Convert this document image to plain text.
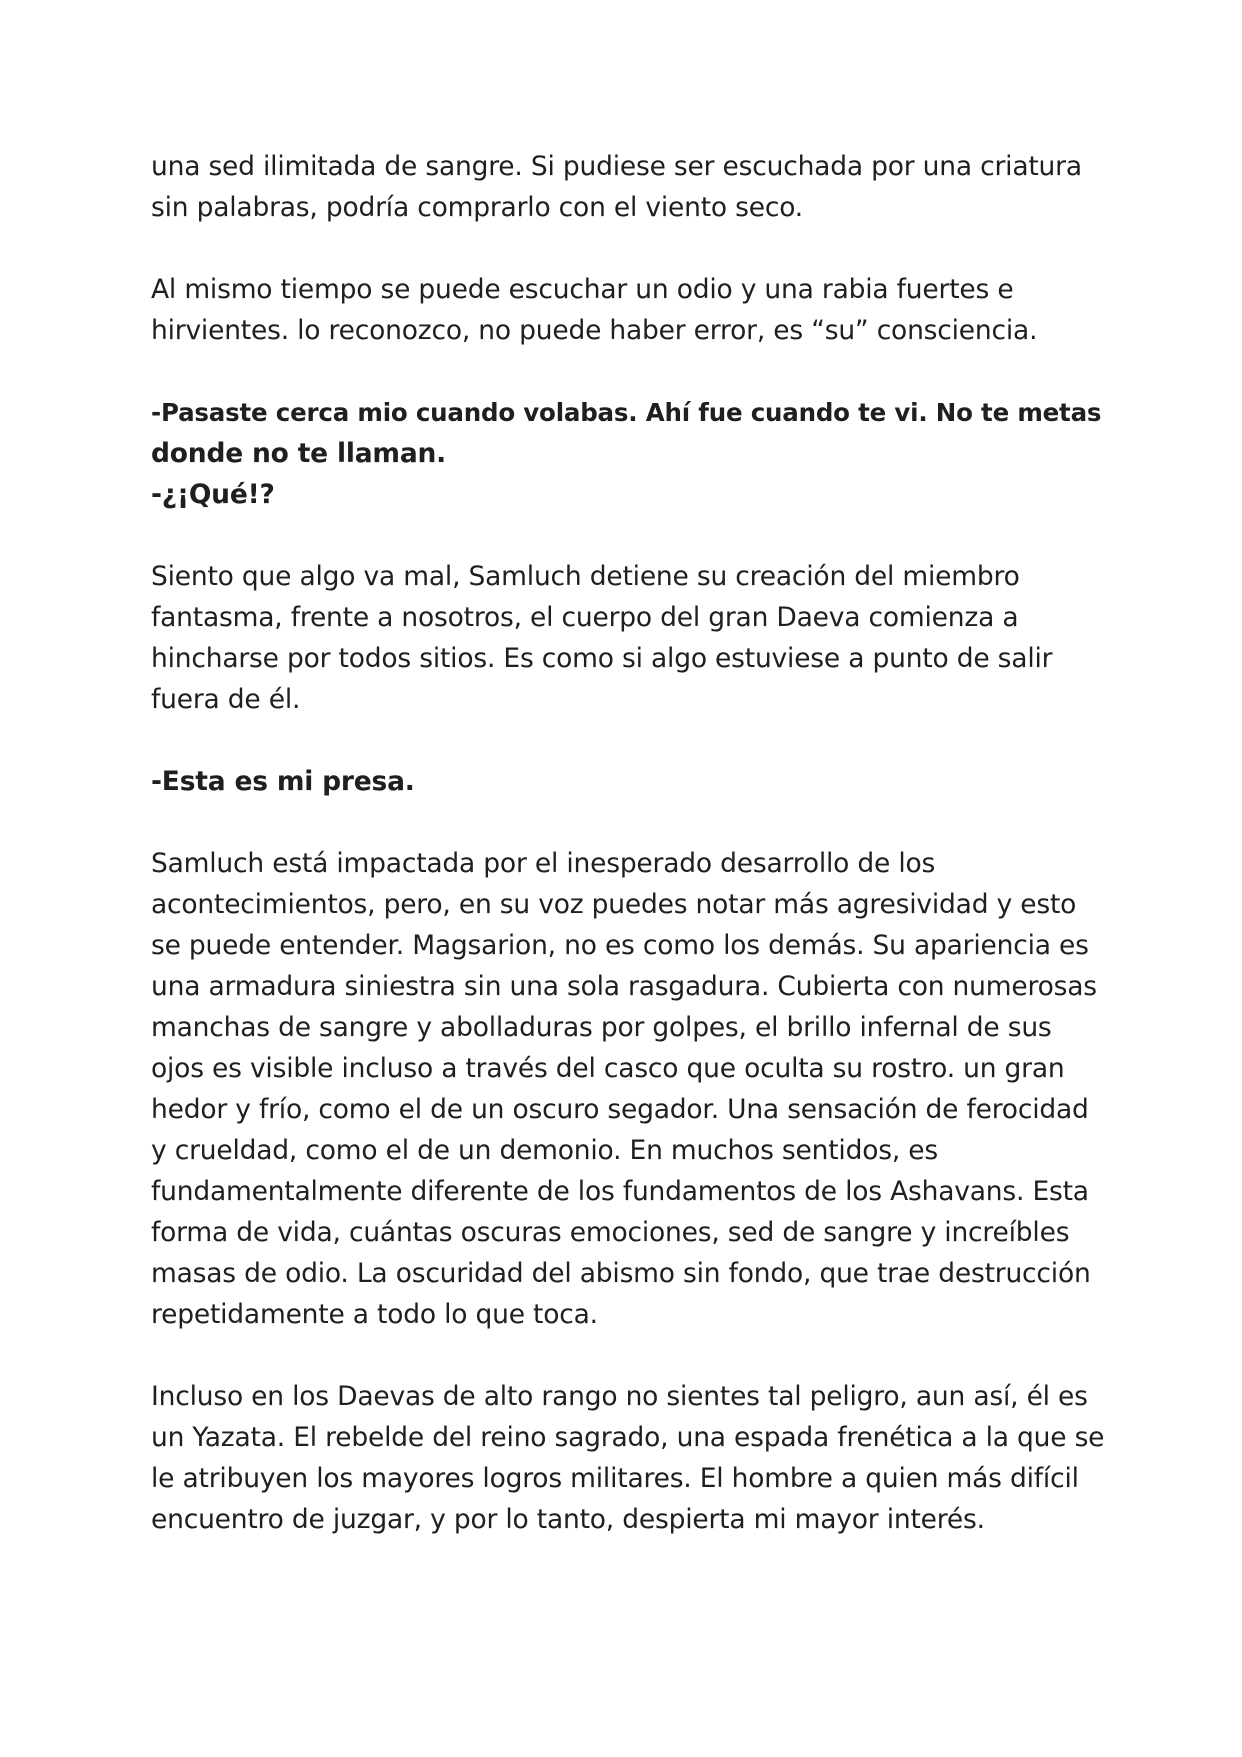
una sed ilimitada de sangre. Si pudiese ser escuchada por una criatura
sin palabras, podría comprarlo con el viento seco.
Al mismo tiempo se puede escuchar un odio y una rabia fuertes e
hirvientes. lo reconozco, no puede haber error, es “su” consciencia.
-Pasaste cerca mio cuando volabas. Ahí fue cuando te vi. No te metas
donde no te llaman.
-¿¡Qué!?
Siento que algo va mal, Samluch detiene su creación del miembro
fantasma, frente a nosotros, el cuerpo del gran Daeva comienza a
hincharse por todos sitios. Es como si algo estuviese a punto de salir
fuera de él.
-Esta es mi presa.
Samluch está impactada por el inesperado desarrollo de los
acontecimientos, pero, en su voz puedes notar más agresividad y esto
se puede entender. Magsarion, no es como los demás. Su apariencia es
una armadura siniestra sin una sola rasgadura. Cubierta con numerosas
manchas de sangre y abolladuras por golpes, el brillo infernal de sus
ojos es visible incluso a través del casco que oculta su rostro. un gran
hedor y frío, como el de un oscuro segador. Una sensación de ferocidad
y crueldad, como el de un demonio. En muchos sentidos, es
fundamentalmente diferente de los fundamentos de los Ashavans. Esta
forma de vida, cuántas oscuras emociones, sed de sangre y increíbles
masas de odio. La oscuridad del abismo sin fondo, que trae destrucción
repetidamente a todo lo que toca.
Incluso en los Daevas de alto rango no sientes tal peligro, aun así, él es
un Yazata. El rebelde del reino sagrado, una espada frenética a la que se
le atribuyen los mayores logros militares. El hombre a quien más difícil
encuentro de juzgar, y por lo tanto, despierta mi mayor interés.
